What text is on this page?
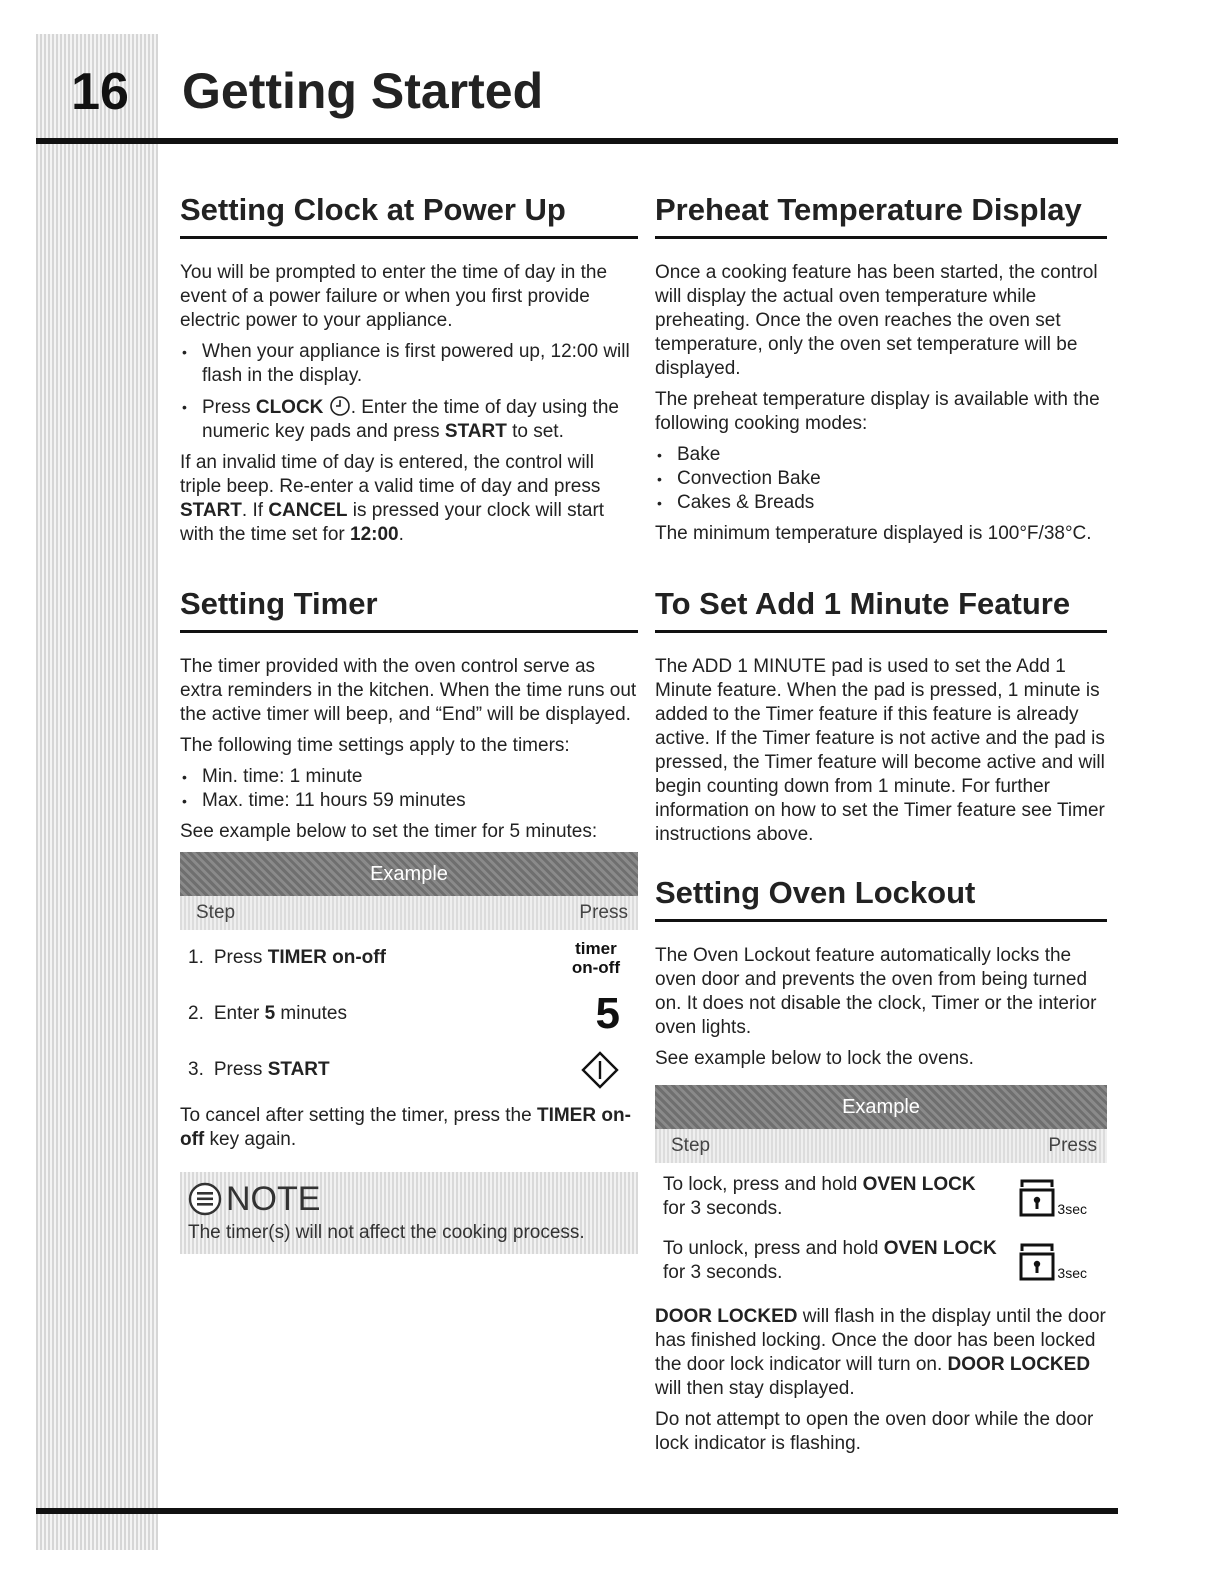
16	Getting Started
Setting Clock at Power Up

You will be prompted to enter the time of day in the event of a power failure or when you first provide electric power to your appliance.

• When your appliance is first powered up, 12:00 will flash in the display.
• Press CLOCK . Enter the time of day using the numeric key pads and press START to set.

If an invalid time of day is entered, the control will triple beep. Re-enter a valid time of day and press START. If CANCEL is pressed your clock will start with the time set for 12:00.

Setting Timer

The timer provided with the oven control serve as extra reminders in the kitchen. When the time runs out the active timer will beep, and “End” will be displayed.

The following time settings apply to the timers:

• Min. time: 1 minute
• Max. time: 11 hours 59 minutes

See example below to set the timer for 5 minutes:

Example
Step	Press
1. Press TIMER on-off	timer
on-off
2. Enter 5 minutes	5
3. Press START

To cancel after setting the timer, press the TIMER on-off key again.

NOTE
The timer(s) will not affect the cooking process.
Preheat Temperature Display

Once a cooking feature has been started, the control will display the actual oven temperature while preheating. Once the oven reaches the oven set temperature, only the oven set temperature will be displayed.

The preheat temperature display is available with the following cooking modes:

• Bake
• Convection Bake
• Cakes & Breads

The minimum temperature displayed is 100°F/38°C.

To Set Add 1 Minute Feature

The ADD 1 MINUTE pad is used to set the Add 1 Minute feature. When the pad is pressed, 1 minute is added to the Timer feature if this feature is already active. If the Timer feature is not active and the pad is pressed, the Timer feature will become active and will begin counting down from 1 minute. For further information on how to set the Timer feature see Timer instructions above.

Setting Oven Lockout

The Oven Lockout feature automatically locks the oven door and prevents the oven from being turned on. It does not disable the clock, Timer or the interior oven lights.

See example below to lock the ovens.

Example
Step	Press
To lock, press and hold OVEN LOCK for 3 seconds.	3sec
To unlock, press and hold OVEN LOCK for 3 seconds.	3sec

DOOR LOCKED will flash in the display until the door has finished locking. Once the door has been locked the door lock indicator will turn on. DOOR LOCKED will then stay displayed.

Do not attempt to open the oven door while the door lock indicator is flashing.
